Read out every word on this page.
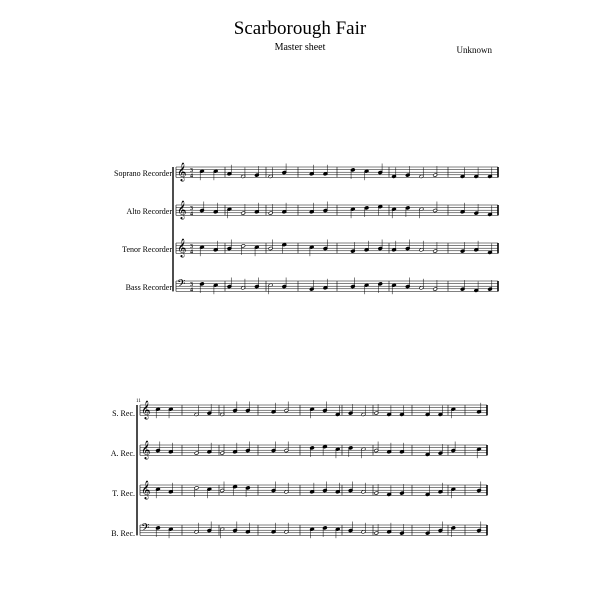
Scarborough Fair
Master sheet	Unknown
Soprano Recorder
Alto Recorder
Tenor Recorder
Bass Recorder
S. Rec.
A. Rec.
T. Rec.
B. Rec.
11
𝄞 3
4
𝄞 3
4
𝄞 3
4
𝄢 3
4
𝄞
𝄞
𝄞
𝄢
